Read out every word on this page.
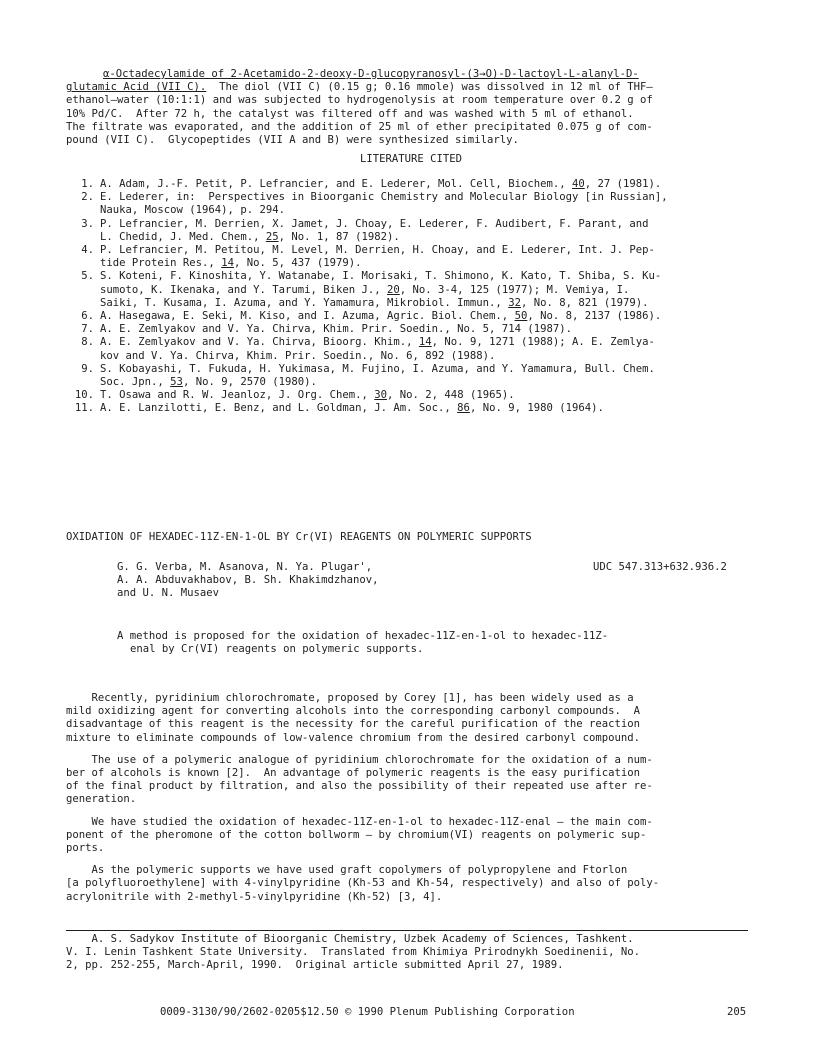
α-Octadecylamide of 2-Acetamido-2-deoxy-D-glucopyranosyl-(3→O)-D-lactoyl-L-alanyl-D-
glutamic Acid (VII C).  The diol (VII C) (0.15 g; 0.16 mmole) was dissolved in 12 ml of THF—
ethanol—water (10:1:1) and was subjected to hydrogenolysis at room temperature over 0.2 g of
10% Pd/C.  After 72 h, the catalyst was filtered off and was washed with 5 ml of ethanol.
The filtrate was evaporated, and the addition of 25 ml of ether precipitated 0.075 g of com-
pound (VII C).  Glycopeptides (VII A and B) were synthesized similarly.
LITERATURE CITED
1. A. Adam, J.-F. Petit, P. Lefrancier, and E. Lederer, Mol. Cell, Biochem., 40, 27 (1981).
2. E. Lederer, in:  Perspectives in Bioorganic Chemistry and Molecular Biology [in Russian],
Nauka, Moscow (1964), p. 294.
3. P. Lefrancier, M. Derrien, X. Jamet, J. Choay, E. Lederer, F. Audibert, F. Parant, and
L. Chedid, J. Med. Chem., 25, No. 1, 87 (1982).
4. P. Lefrancier, M. Petitou, M. Level, M. Derrien, H. Choay, and E. Lederer, Int. J. Pep-
tide Protein Res., 14, No. 5, 437 (1979).
5. S. Koteni, F. Kinoshita, Y. Watanabe, I. Morisaki, T. Shimono, K. Kato, T. Shiba, S. Ku-
sumoto, K. Ikenaka, and Y. Tarumi, Biken J., 20, No. 3-4, 125 (1977); M. Vemiya, I.
Saiki, T. Kusama, I. Azuma, and Y. Yamamura, Mikrobiol. Immun., 32, No. 8, 821 (1979).
6. A. Hasegawa, E. Seki, M. Kiso, and I. Azuma, Agric. Biol. Chem., 50, No. 8, 2137 (1986).
7. A. E. Zemlyakov and V. Ya. Chirva, Khim. Prir. Soedin., No. 5, 714 (1987).
8. A. E. Zemlyakov and V. Ya. Chirva, Bioorg. Khim., 14, No. 9, 1271 (1988); A. E. Zemlya-
kov and V. Ya. Chirva, Khim. Prir. Soedin., No. 6, 892 (1988).
9. S. Kobayashi, T. Fukuda, H. Yukimasa, M. Fujino, I. Azuma, and Y. Yamamura, Bull. Chem.
Soc. Jpn., 53, No. 9, 2570 (1980).
10. T. Osawa and R. W. Jeanloz, J. Org. Chem., 30, No. 2, 448 (1965).
11. A. E. Lanzilotti, E. Benz, and L. Goldman, J. Am. Soc., 86, No. 9, 1980 (1964).
OXIDATION OF HEXADEC-11Z-EN-1-OL BY Cr(VI) REAGENTS ON POLYMERIC SUPPORTS
G. G. Verba, M. Asanova, N. Ya. Plugar',
A. A. Abduvakhabov, B. Sh. Khakimdzhanov,
and U. N. Musaev
UDC 547.313+632.936.2
A method is proposed for the oxidation of hexadec-11Z-en-1-ol to hexadec-11Z-
enal by Cr(VI) reagents on polymeric supports.
Recently, pyridinium chlorochromate, proposed by Corey [1], has been widely used as a
mild oxidizing agent for converting alcohols into the corresponding carbonyl compounds.  A
disadvantage of this reagent is the necessity for the careful purification of the reaction
mixture to eliminate compounds of low-valence chromium from the desired carbonyl compound.
The use of a polymeric analogue of pyridinium chlorochromate for the oxidation of a num-
ber of alcohols is known [2].  An advantage of polymeric reagents is the easy purification
of the final product by filtration, and also the possibility of their repeated use after re-
generation.
We have studied the oxidation of hexadec-11Z-en-1-ol to hexadec-11Z-enal — the main com-
ponent of the pheromone of the cotton bollworm — by chromium(VI) reagents on polymeric sup-
ports.
As the polymeric supports we have used graft copolymers of polypropylene and Ftorlon
[a polyfluoroethylene] with 4-vinylpyridine (Kh-53 and Kh-54, respectively) and also of poly-
acrylonitrile with 2-methyl-5-vinylpyridine (Kh-52) [3, 4].
A. S. Sadykov Institute of Bioorganic Chemistry, Uzbek Academy of Sciences, Tashkent.
V. I. Lenin Tashkent State University.  Translated from Khimiya Prirodnykh Soedinenii, No.
2, pp. 252-255, March-April, 1990.  Original article submitted April 27, 1989.
0009-3130/90/2602-0205$12.50 © 1990 Plenum Publishing Corporation	205
